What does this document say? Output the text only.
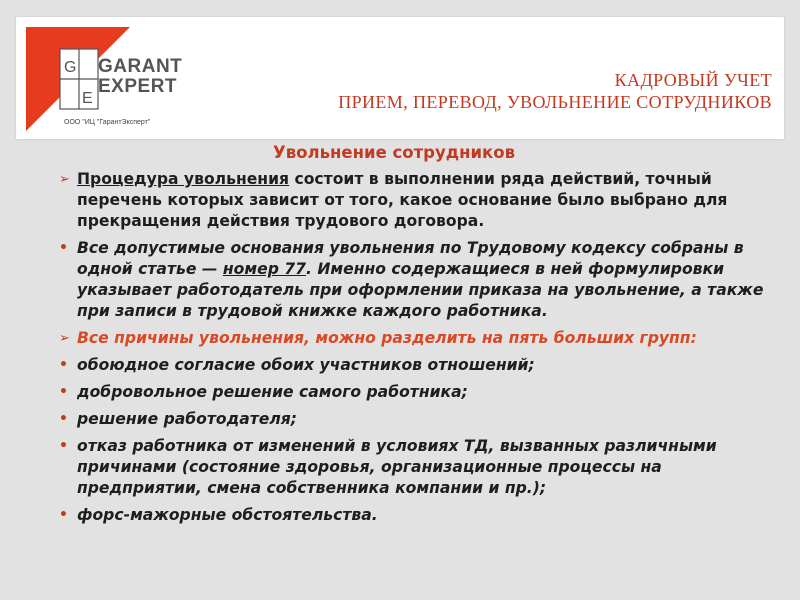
G
E
GARANT
EXPERT
ООО "ИЦ "ГарантЭксперт"
КАДРОВЫЙ УЧЕТ
ПРИЕМ, ПЕРЕВОД, УВОЛЬНЕНИЕ СОТРУДНИКОВ
Увольнение сотрудников
➢ Процедура увольнения состоит в выполнении ряда действий, точный перечень которых зависит от того, какое основание было выбрано для прекращения действия трудового договора.
• Все допустимые основания увольнения по Трудовому кодексу собраны в одной статье — номер 77. Именно содержащиеся в ней формулировки указывает работодатель при оформлении приказа на увольнение, а также при записи в трудовой книжке каждого работника.
➢ Все причины увольнения, можно разделить на пять больших групп:
• обоюдное согласие обоих участников отношений;
• добровольное решение самого работника;
• решение работодателя;
• отказ работника от изменений в условиях ТД, вызванных различными причинами (состояние здоровья, организационные процессы на предприятии, смена собственника компании и пр.);
• форс-мажорные обстоятельства.
